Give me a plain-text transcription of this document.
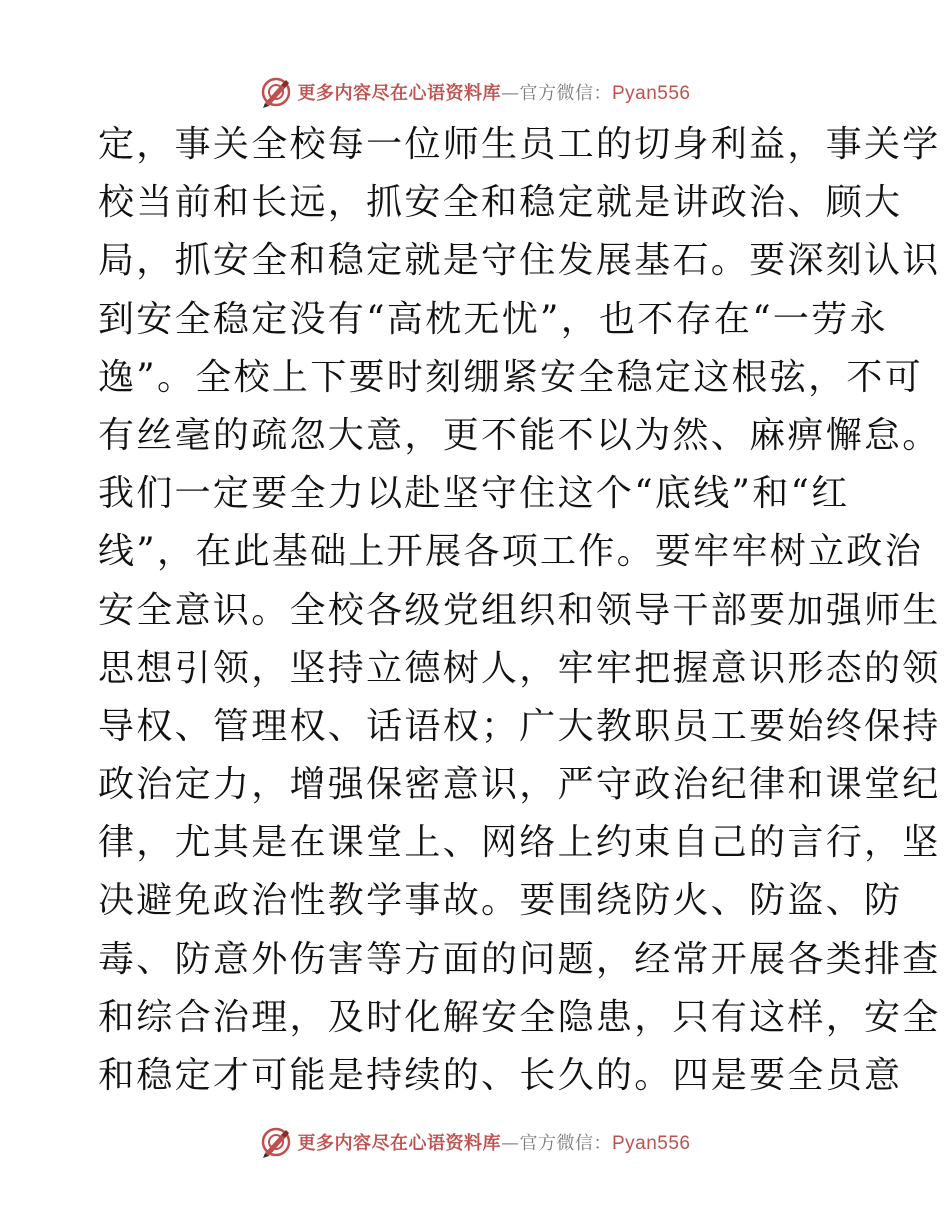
更多内容尽在心语资料库—官方微信：Pyan556
定，事关全校每一位师生员工的切身利益，事关学
校当前和长远，抓安全和稳定就是讲政治、顾大
局，抓安全和稳定就是守住发展基石。要深刻认识
到安全稳定没有“高枕无忧”，也不存在“一劳永
逸”。全校上下要时刻绷紧安全稳定这根弦，不可
有丝毫的疏忽大意，更不能不以为然、麻痹懈怠。
我们一定要全力以赴坚守住这个“底线”和“红
线”，在此基础上开展各项工作。要牢牢树立政治
安全意识。全校各级党组织和领导干部要加强师生
思想引领，坚持立德树人，牢牢把握意识形态的领
导权、管理权、话语权；广大教职员工要始终保持
政治定力，增强保密意识，严守政治纪律和课堂纪
律，尤其是在课堂上、网络上约束自己的言行，坚
决避免政治性教学事故。要围绕防火、防盗、防
毒、防意外伤害等方面的问题，经常开展各类排查
和综合治理，及时化解安全隐患，只有这样，安全
和稳定才可能是持续的、长久的。四是要全员意
更多内容尽在心语资料库—官方微信：Pyan556
